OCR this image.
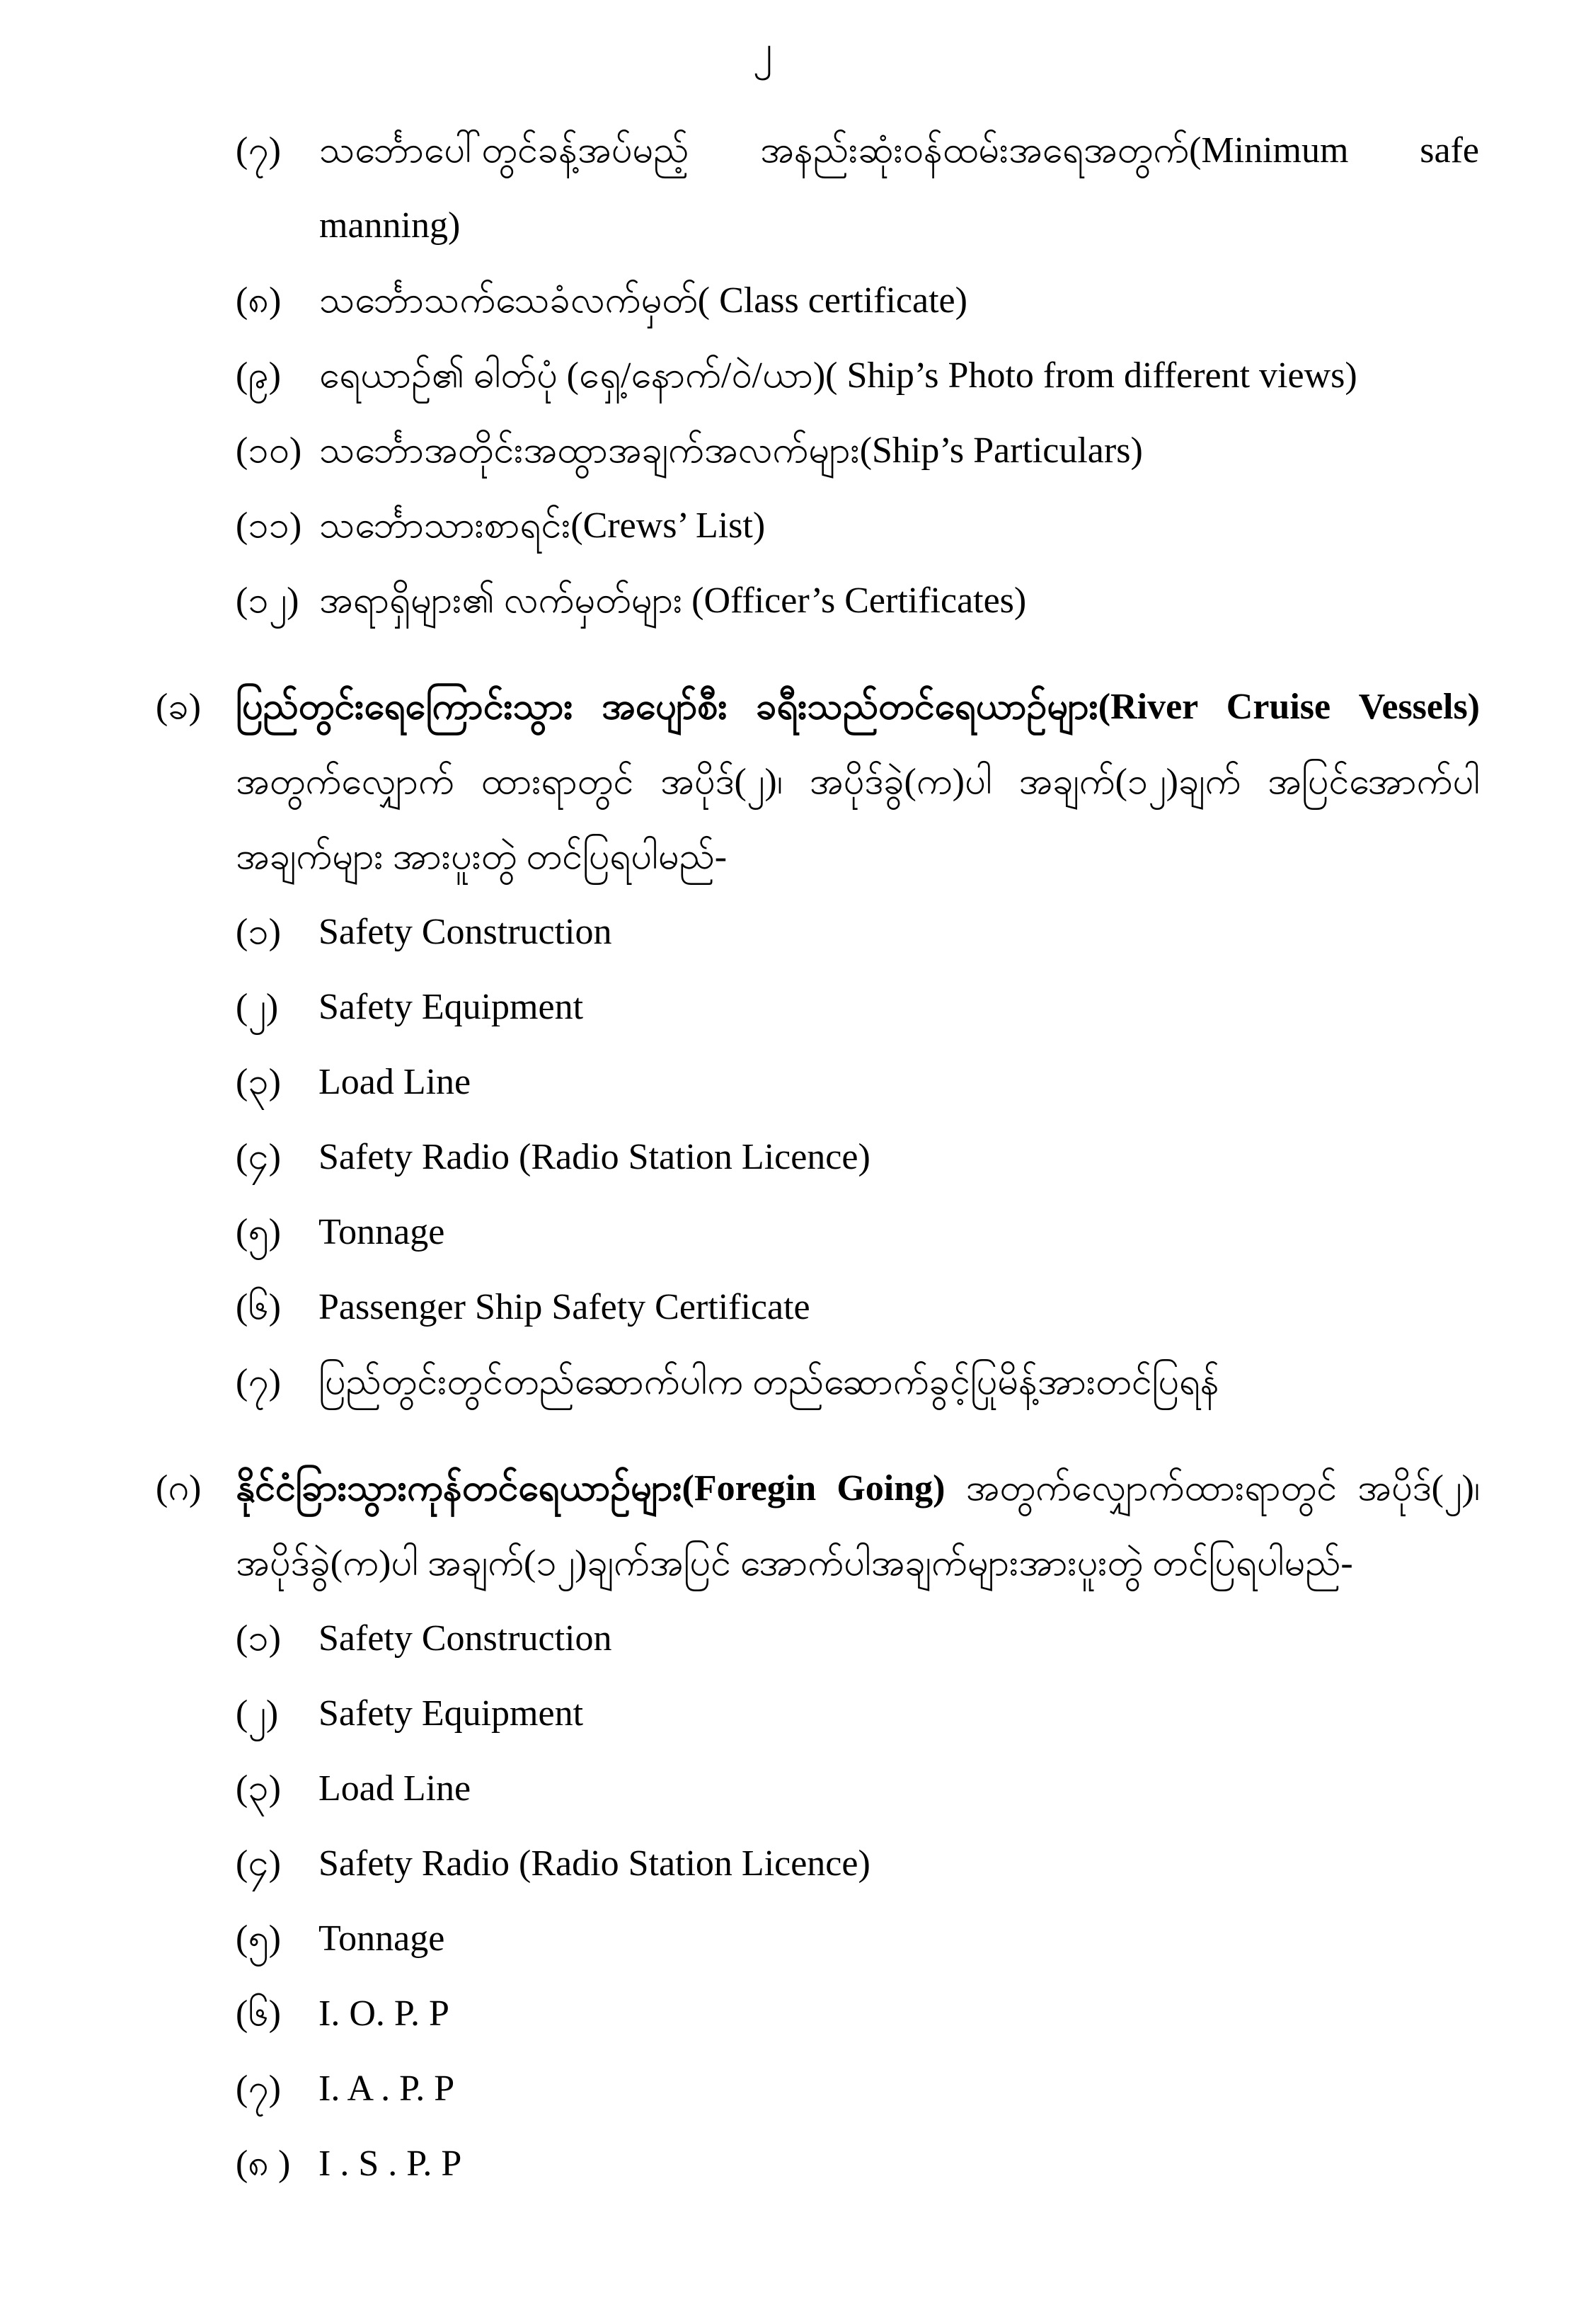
၂
(၇)	သင်္ဘောပေါ်တွင်ခန့်အပ်မည့် အနည်းဆုံးဝန်ထမ်းအရေအတွက်(Minimum safe manning)
(၈)	သင်္ဘောသက်သေခံလက်မှတ်( Class certificate)
(၉)	ရေယာဉ်၏ ဓါတ်ပုံ (ရှေ့/နောက်/ဝဲ/ယာ)( Ship’s Photo from different views)
(၁၀) သင်္ဘောအတိုင်းအထွာအချက်အလက်များ(Ship’s Particulars)
(၁၁) သင်္ဘောသားစာရင်း(Crews’ List)
(၁၂) အရာရှိများ၏ လက်မှတ်များ (Officer’s Certificates)
(ခ) ပြည်တွင်းရေကြောင်းသွား အပျော်စီး ခရီးသည်တင်ရေယာဉ်များ(River Cruise Vessels) အတွက်လျှောက် ထားရာတွင် အပိုဒ်(၂)၊ အပိုဒ်ခွဲ(က)ပါ အချက်(၁၂)ချက် အပြင်အောက်ပါအချက်များ အားပူးတွဲ တင်ပြရပါမည်-

(၁)	Safety Construction
(၂)	Safety Equipment
(၃)	Load Line
(၄)	Safety Radio (Radio Station Licence)
(၅)	Tonnage
(၆)	Passenger Ship Safety Certificate
(၇)	ပြည်တွင်းတွင်တည်ဆောက်ပါက တည်ဆောက်ခွင့်ပြုမိန့်အားတင်ပြရန်
(ဂ) နိုင်ငံခြားသွားကုန်တင်ရေယာဉ်များ(Foregin Going) အတွက်လျှောက်ထားရာတွင် အပိုဒ်(၂)၊ အပိုဒ်ခွဲ(က)ပါ အချက်(၁၂)ချက်အပြင် အောက်ပါအချက်များအားပူးတွဲ တင်ပြရပါမည်-

(၁)	Safety Construction
(၂)	Safety Equipment
(၃)	Load Line
(၄)	Safety Radio (Radio Station Licence)
(၅)	Tonnage
(၆)	I. O. P. P
(၇)	I. A . P. P
(၈ ) I . S . P. P
